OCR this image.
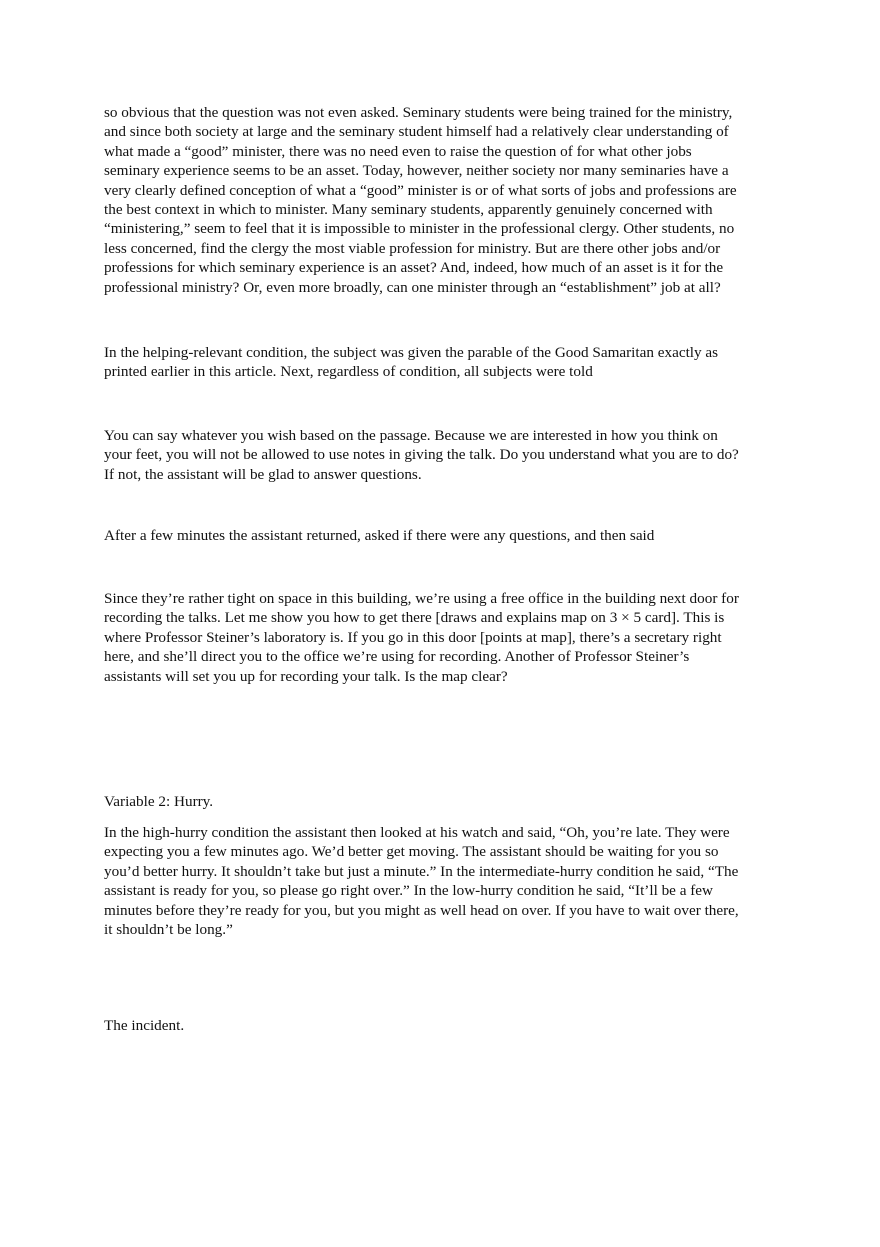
so obvious that the question was not even asked. Seminary students were being trained for the ministry,
and since both society at large and the seminary student himself had a relatively clear understanding of
what made a “good” minister, there was no need even to raise the question of for what other jobs
seminary experience seems to be an asset. Today, however, neither society nor many seminaries have a
very clearly defined conception of what a “good” minister is or of what sorts of jobs and professions are
the best context in which to minister. Many seminary students, apparently genuinely concerned with
“ministering,” seem to feel that it is impossible to minister in the professional clergy. Other students, no
less concerned, find the clergy the most viable profession for ministry. But are there other jobs and/or
professions for which seminary experience is an asset? And, indeed, how much of an asset is it for the
professional ministry? Or, even more broadly, can one minister through an “establishment” job at all?

In the helping-relevant condition, the subject was given the parable of the Good Samaritan exactly as
printed earlier in this article. Next, regardless of condition, all subjects were told

You can say whatever you wish based on the passage. Because we are interested in how you think on
your feet, you will not be allowed to use notes in giving the talk. Do you understand what you are to do?
If not, the assistant will be glad to answer questions.

After a few minutes the assistant returned, asked if there were any questions, and then said

Since they’re rather tight on space in this building, we’re using a free office in the building next door for
recording the talks. Let me show you how to get there [draws and explains map on 3 × 5 card]. This is
where Professor Steiner’s laboratory is. If you go in this door [points at map], there’s a secretary right
here, and she’ll direct you to the office we’re using for recording. Another of Professor Steiner’s
assistants will set you up for recording your talk. Is the map clear?

Variable 2: Hurry.

In the high-hurry condition the assistant then looked at his watch and said, “Oh, you’re late. They were
expecting you a few minutes ago. We’d better get moving. The assistant should be waiting for you so
you’d better hurry. It shouldn’t take but just a minute.” In the intermediate-hurry condition he said, “The
assistant is ready for you, so please go right over.” In the low-hurry condition he said, “It’ll be a few
minutes before they’re ready for you, but you might as well head on over. If you have to wait over there,
it shouldn’t be long.”

The incident.
